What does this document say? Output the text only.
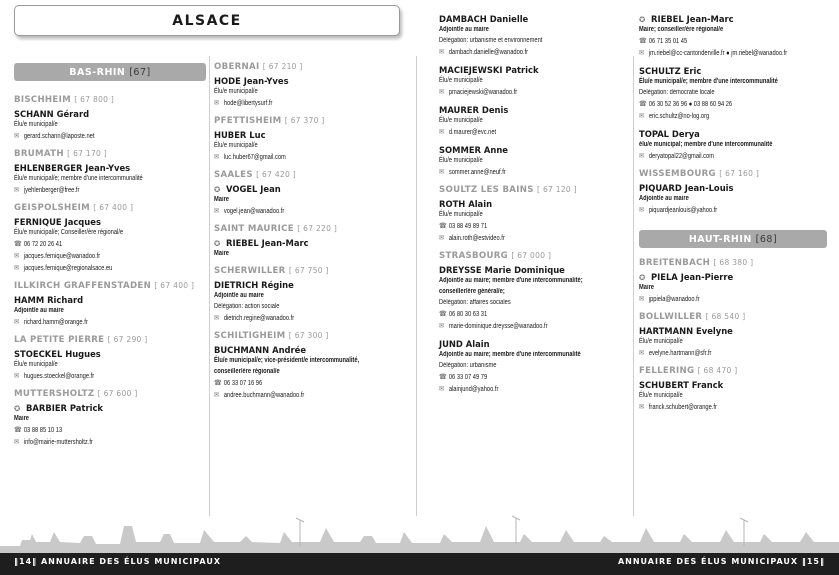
ALSACE
BAS-RHIN
[ 67 ]
BISCHHEIM [ 67 800 ]
SCHANN Gérard
Élu/e municipal/e
✉ gerard.schann@laposte.net
BRUMATH [ 67 170 ]
EHLENBERGER Jean-Yves
Élu/e municipal/e; membre d'une intercommunalité
✉ jyehlenberger@free.fr
GEISPOLSHEIM [ 67 400 ]
FERNIQUE Jacques
Élu/e municipal/e; Conseiller/ère régional/e
☎ 06 72 20 26 41
✉ jacques.fernique@wanadoo.fr
✉ jacques.fernique@regionalsace.eu
ILLKIRCH GRAFFENSTADEN [ 67 400 ]
HAMM Richard
Adjoint/e au maire
✉ richard.hamm@orange.fr
LA PETITE PIERRE [ 67 290 ]
STOECKEL Hugues
Élu/e municipal/e
✉ hugues.stoeckel@orange.fr
MUTTERSHOLTZ [ 67 600 ]
✪ BARBIER Patrick
Maire
☎ 03 88 85 10 13
✉ info@mairie-muttersholtz.fr
OBERNAI [ 67 210 ]
HODE Jean-Yves
Élu/e municipal/e
✉ hode@libertysurf.fr
PFETTISHEIM [ 67 370 ]
HUBER Luc
Élu/e municipal/e
✉ luc.huber67@gmail.com
SAALES [ 67 420 ]
✪ VOGEL Jean
Maire
✉ vogel.jean@wanadoo.fr
SAINT MAURICE [ 67 220 ]
✪ RIEBEL Jean-Marc
Maire
SCHERWILLER [ 67 750 ]
DIETRICH Régine
Adjoint/e au maire
Délégation: action sociale
✉ dietrich.regine@wanadoo.fr
SCHILTIGHEIM [ 67 300 ]
BUCHMANN Andrée
Élu/e municipal/e; vice-président/e intercommunalité,
conseiller/ère régional/e
☎ 06 33 07 16 96
✉ andree.buchmann@wanadoo.fr
DAMBACH Danielle
Adjoint/e au maire
Délégation: urbanisme et environnement
✉ dambach.danielle@wanadoo.fr
MACIEJEWSKI Patrick
Élu/e municipal/e
✉ pmaciejewski@wanadoo.fr
MAURER Denis
Élu/e municipal/e
✉ d.maurer@evc.net
SOMMER Anne
Élu/e municipal/e
✉ sommer.anne@neuf.fr
SOULTZ LES BAINS [ 67 120 ]
ROTH Alain
Élu/e municipal/e
☎ 03 88 49 89 71
✉ alain.roth@estvideo.fr
STRASBOURG [ 67 000 ]
DREYSSE Marie Dominique
Adjoint/e au maire; membre d'une intercommunalité;
conseiller/ère général/e;
Délégation: affaires sociales
☎ 06 80 30 63 31
✉ marie-dominique.dreysse@wanadoo.fr
JUND Alain
Adjoint/e au maire; membre d'une intercommunalité
Délégation: urbanisme
☎ 06 33 07 49 79
✉ alainjund@yahoo.fr
✪ RIEBEL Jean-Marc
Maire; conseiller/ère régional/e
☎ 06 71 35 01 45
✉ jm.riebel@cc-cantonderville.fr ● jm.riebel@wanadoo.fr
SCHULTZ Eric
Élu/e municipal/e; membre d'une intercommunalité
Délégation: démocratie locale
☎ 06 30 52 36 96 ● 03 88 60 94 26
✉ eric.schultz@no-log.org
TOPAL Derya
élu/e municipal; membre d'une intercommunalité
✉ deryatopal22@gmail.com
WISSEMBOURG [ 67 160 ]
PIQUARD Jean-Louis
Adjoint/e au maire
✉ piquardjeanlouis@yahoo.fr
HAUT-RHIN
[ 68 ]
BREITENBACH [ 68 380 ]
✪ PIELA Jean-Pierre
Maire
✉ jppiela@wanadoo.fr
BOLLWILLER [ 68 540 ]
HARTMANN Evelyne
Élu/e municipal/e
✉ evelyne.hartmann@sfr.fr
FELLERING [ 68 470 ]
SCHUBERT Franck
Élu/e municipal/e
✉ franck.schubert@orange.fr
‖14‖ ANNUAIRE DES ÉLUS MUNICIPAUX	ANNUAIRE DES ÉLUS MUNICIPAUX ‖15‖
